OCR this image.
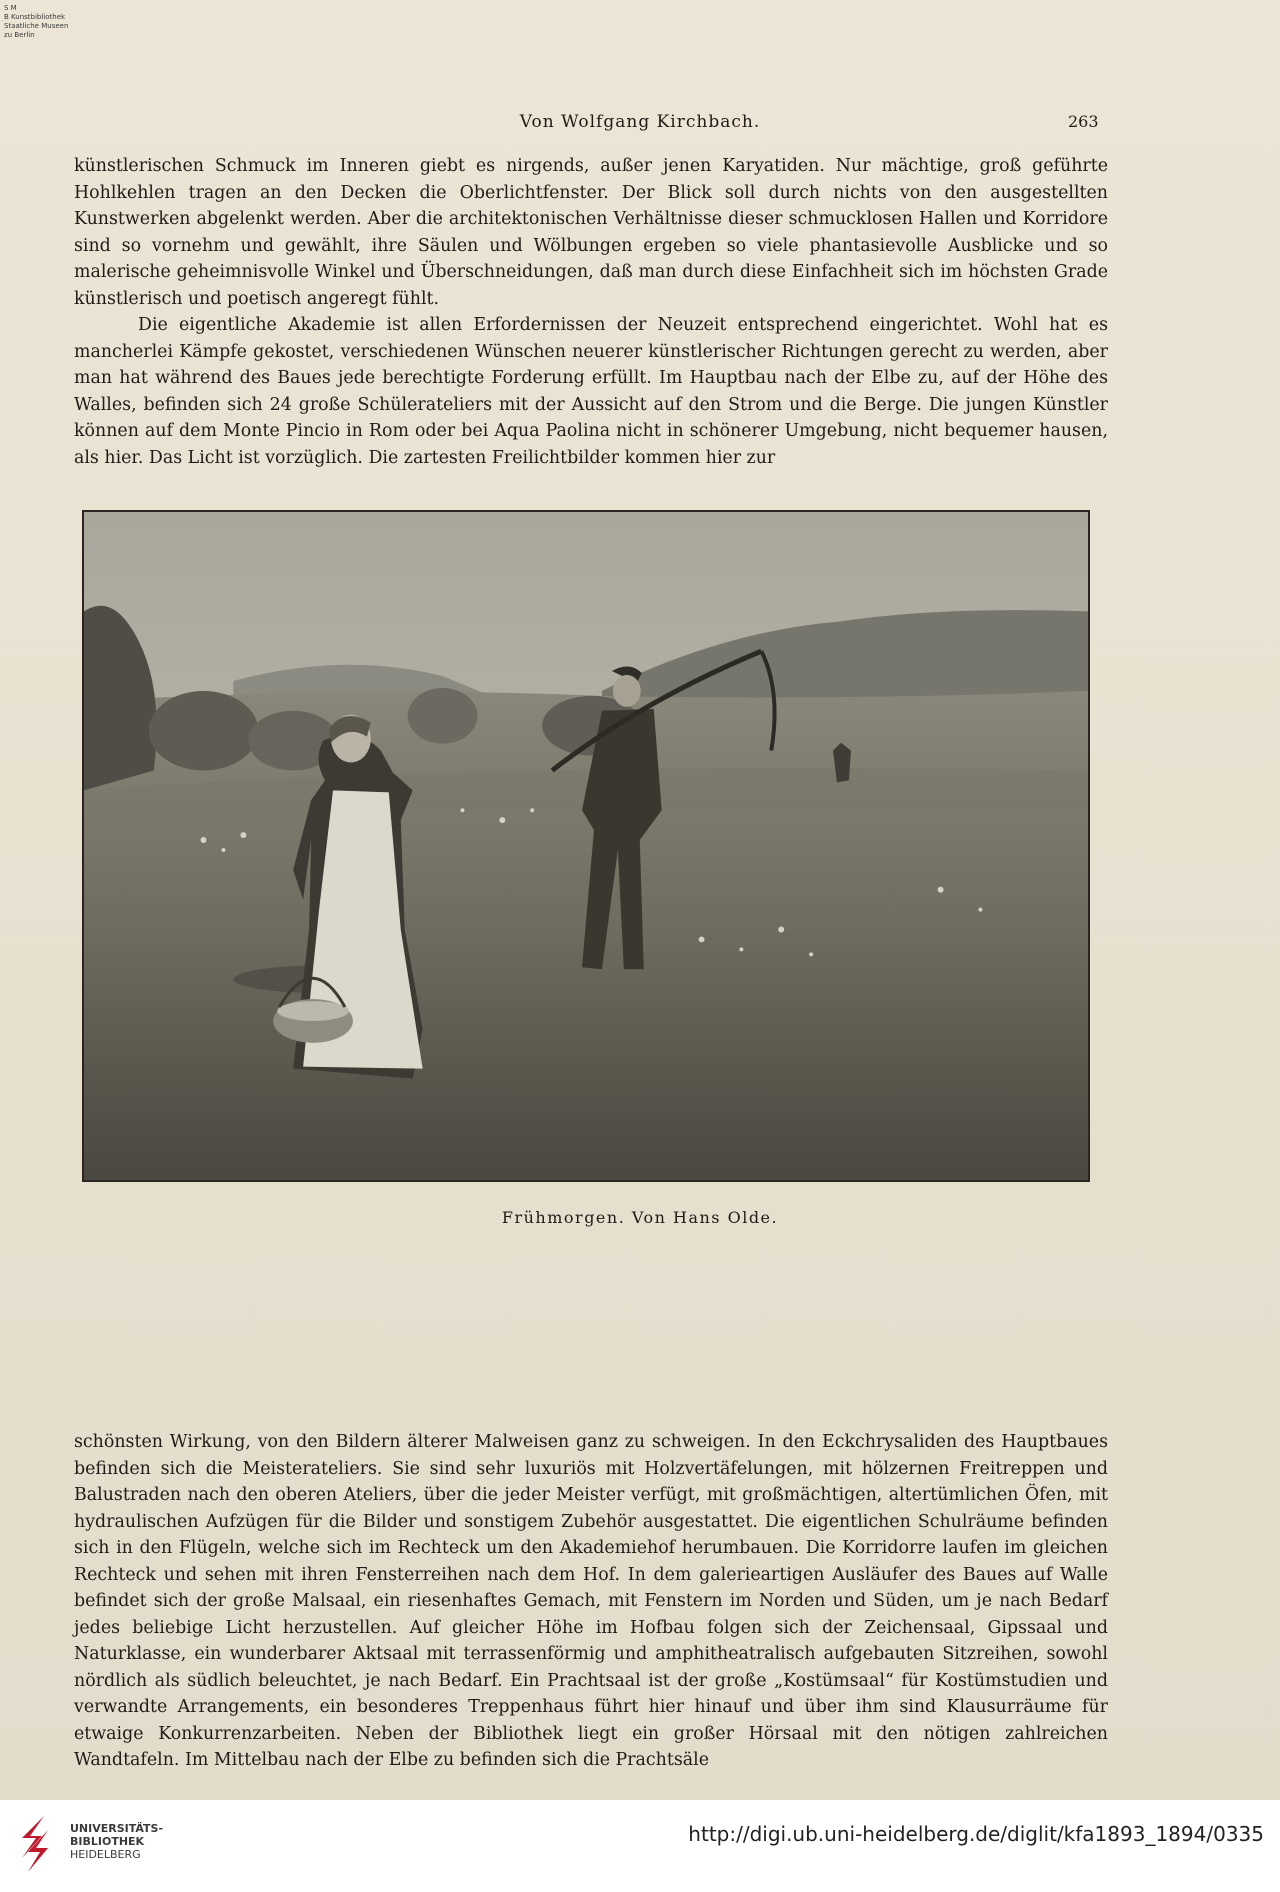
S M
B Kunstbibliothek
Staatliche Museen
zu Berlin
Von Wolfgang Kirchbach.	263

künstlerischen Schmuck im Inneren giebt es nirgends, außer jenen Karyatiden. Nur mächtige, groß geführte Hohlkehlen tragen an den Decken die Oberlichtfenster. Der Blick soll durch nichts von den ausgestellten Kunstwerken abgelenkt werden. Aber die architektonischen Verhältnisse dieser schmucklosen Hallen und Korridore sind so vornehm und gewählt, ihre Säulen und Wölbungen ergeben so viele phantasievolle Ausblicke und so malerische geheimnisvolle Winkel und Überschneidungen, daß man durch diese Einfachheit sich im höchsten Grade künstlerisch und poetisch angeregt fühlt.

Die eigentliche Akademie ist allen Erfordernissen der Neuzeit entsprechend eingerichtet. Wohl hat es mancherlei Kämpfe gekostet, verschiedenen Wünschen neuerer künstlerischer Richtungen gerecht zu werden, aber man hat während des Baues jede berechtigte Forderung erfüllt. Im Hauptbau nach der Elbe zu, auf der Höhe des Walles, befinden sich 24 große Schülerateliers mit der Aussicht auf den Strom und die Berge. Die jungen Künstler können auf dem Monte Pincio in Rom oder bei Aqua Paolina nicht in schönerer Umgebung, nicht bequemer hausen, als hier. Das Licht ist vorzüglich. Die zartesten Freilichtbilder kommen hier zur

Frühmorgen. Von Hans Olde.

schönsten Wirkung, von den Bildern älterer Malweisen ganz zu schweigen. In den Eckchrysaliden des Hauptbaues befinden sich die Meisterateliers. Sie sind sehr luxuriös mit Holzvertäfelungen, mit hölzernen Freitreppen und Balustraden nach den oberen Ateliers, über die jeder Meister verfügt, mit großmächtigen, altertümlichen Öfen, mit hydraulischen Aufzügen für die Bilder und sonstigem Zubehör ausgestattet. Die eigentlichen Schulräume befinden sich in den Flügeln, welche sich im Rechteck um den Akademiehof herumbauen. Die Korridorre laufen im gleichen Rechteck und sehen mit ihren Fensterreihen nach dem Hof. In dem galerieartigen Ausläufer des Baues auf Walle befindet sich der große Malsaal, ein riesenhaftes Gemach, mit Fenstern im Norden und Süden, um je nach Bedarf jedes beliebige Licht herzustellen. Auf gleicher Höhe im Hofbau folgen sich der Zeichensaal, Gipssaal und Naturklasse, ein wunderbarer Aktsaal mit terrassenförmig und amphitheatralisch aufgebauten Sitzreihen, sowohl nördlich als südlich beleuchtet, je nach Bedarf. Ein Prachtsaal ist der große „Kostümsaal“ für Kostümstudien und verwandte Arrangements, ein besonderes Treppenhaus führt hier hinauf und über ihm sind Klausurräume für etwaige Konkurrenzarbeiten. Neben der Bibliothek liegt ein großer Hörsaal mit den nötigen zahlreichen Wandtafeln. Im Mittelbau nach der Elbe zu befinden sich die Prachtsäle

UNIVERSITÄTS-
BIBLIOTHEK
HEIDELBERG
http://digi.ub.uni-heidelberg.de/diglit/kfa1893_1894/0335
